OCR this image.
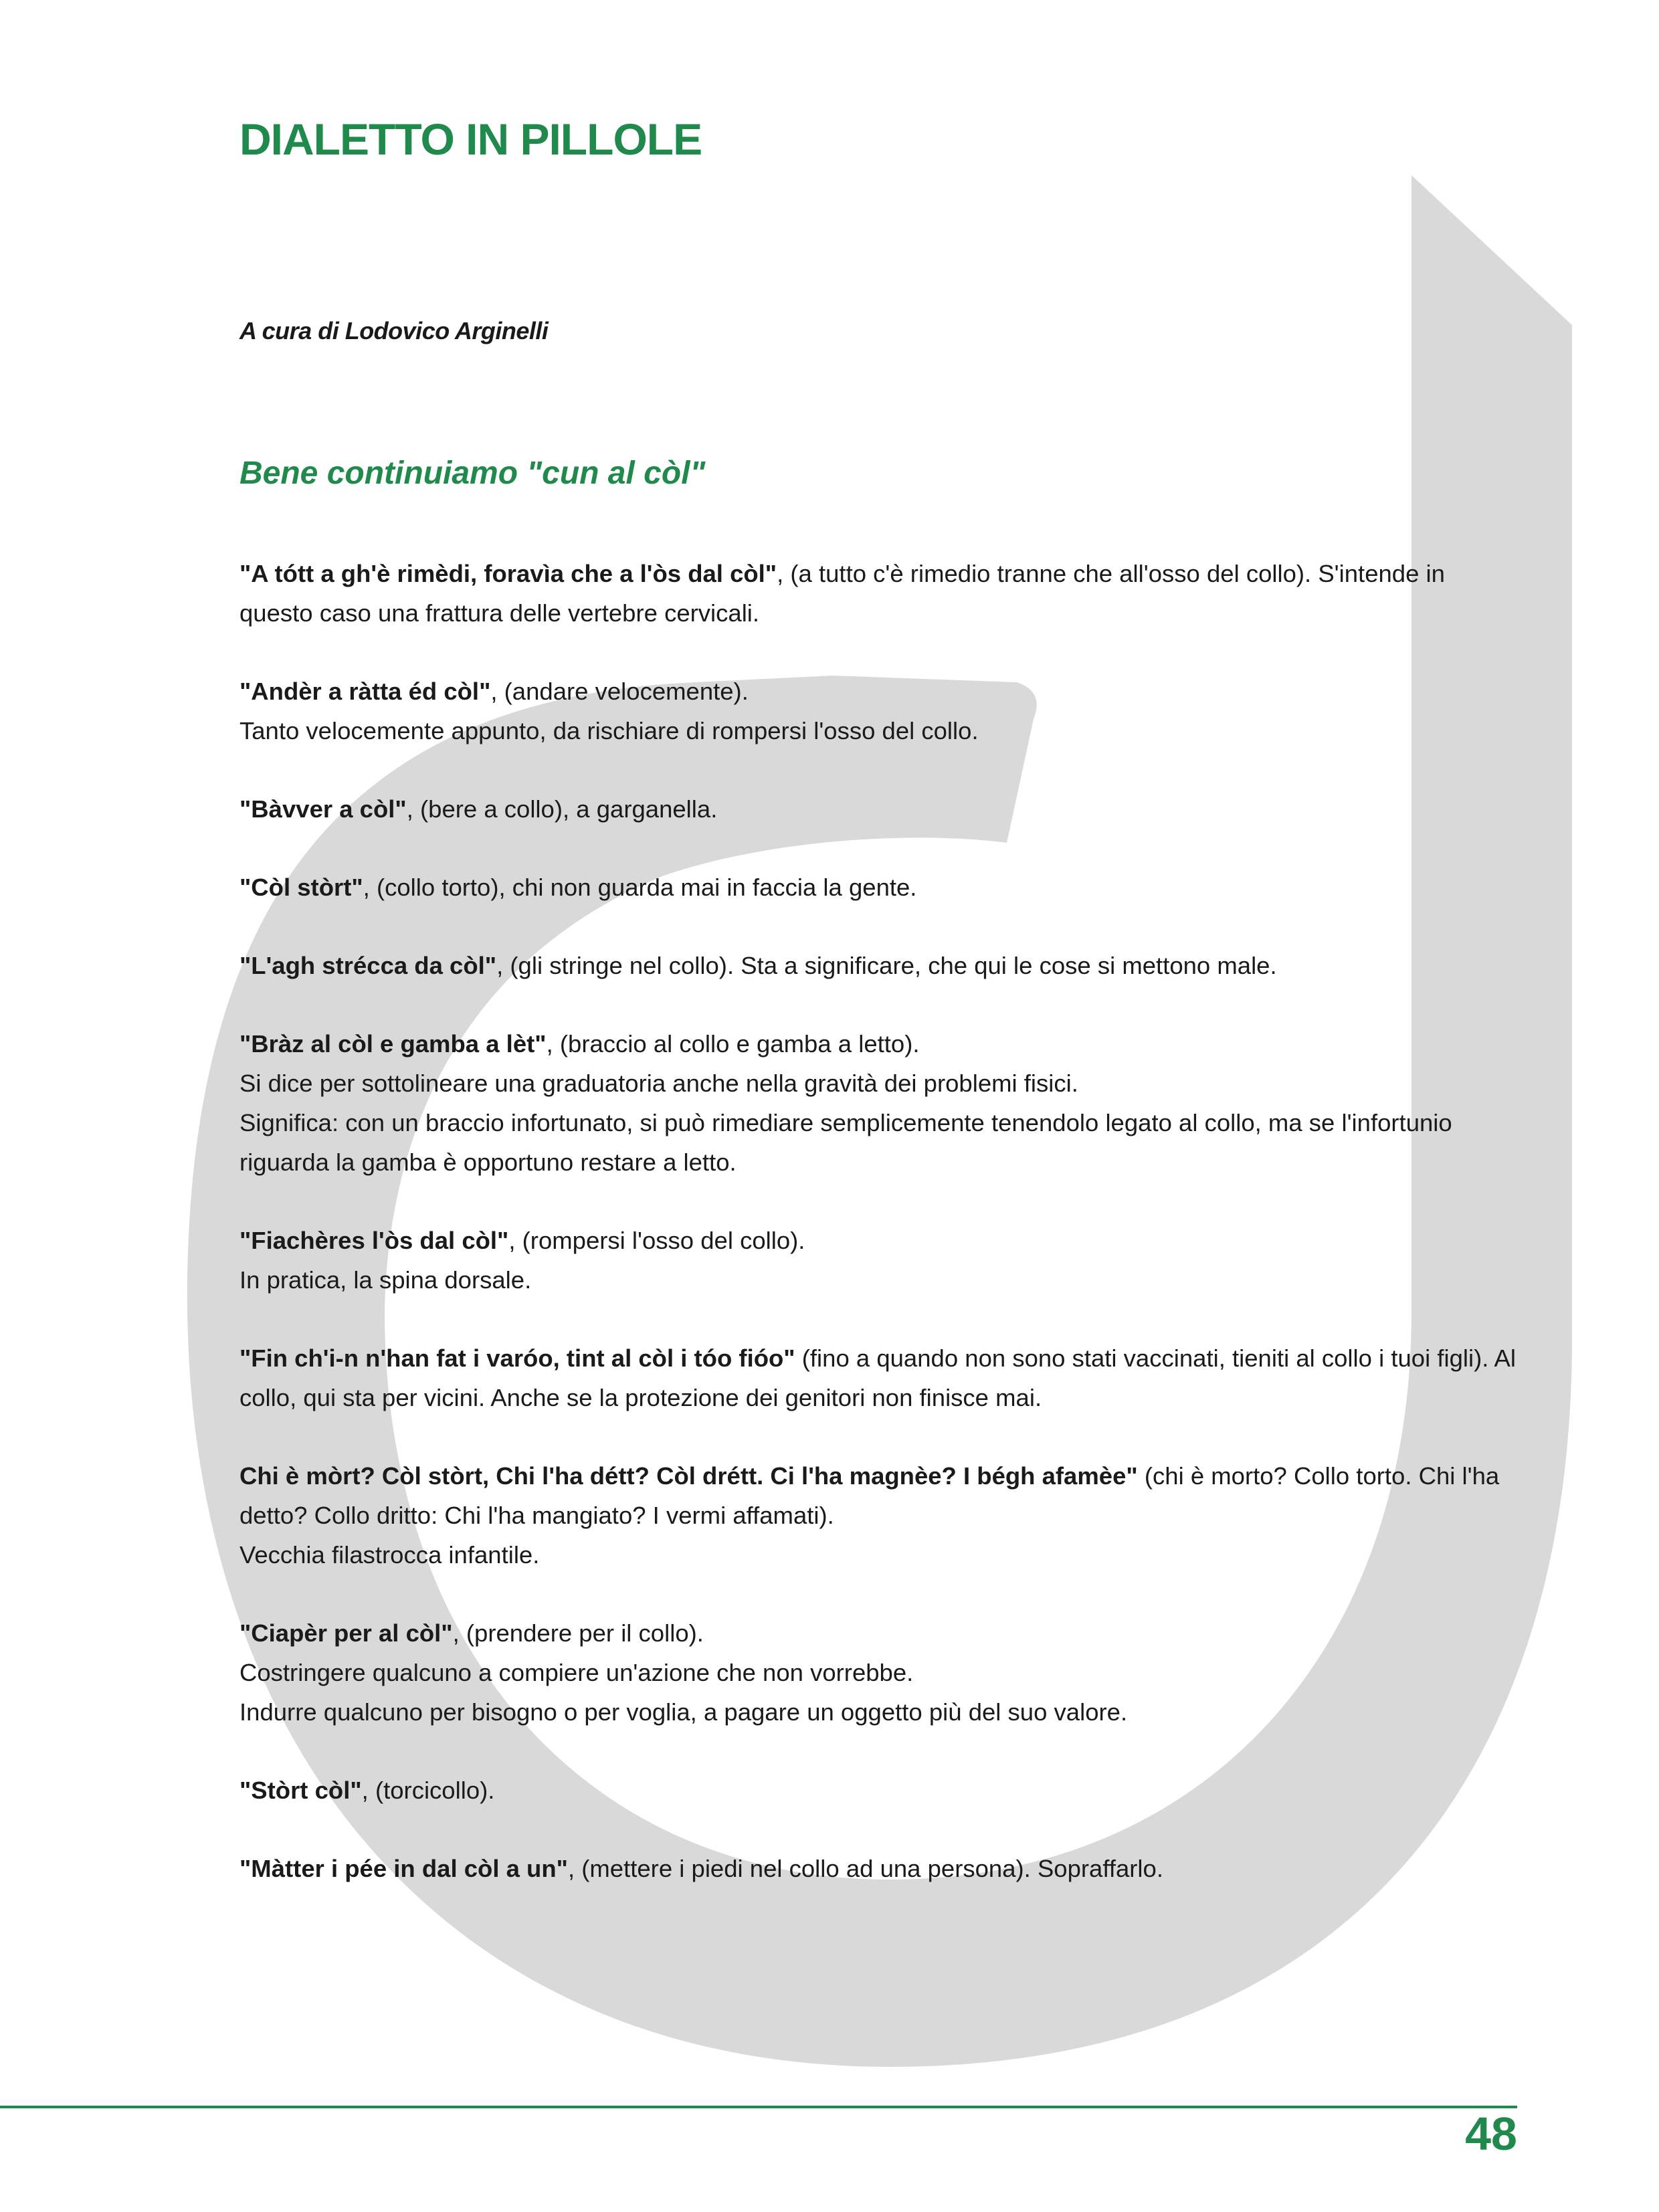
DIALETTO IN PILLOLE

A cura di Lodovico Arginelli

Bene continuiamo "cun al còl"

"A tótt a gh'è rimèdi, foravìa che a l'òs dal còl", (a tutto c'è rimedio tranne che all'osso del collo). S'intende in questo caso una frattura delle vertebre cervicali.

"Andèr a ràtta éd còl", (andare velocemente).

Tanto velocemente appunto, da rischiare di rompersi l'osso del collo.

"Bàvver a còl", (bere a collo), a garganella.

"Còl stòrt", (collo torto), chi non guarda mai in faccia la gente.

"L'agh strécca da còl", (gli stringe nel collo). Sta a significare, che qui le cose si mettono male.

"Bràz al còl e gamba a lèt", (braccio al collo e gamba a letto).

Si dice per sottolineare una graduatoria anche nella gravità dei problemi fisici.

Significa: con un braccio infortunato, si può rimediare semplicemente tenendolo legato al collo, ma se l'infortunio riguarda la gamba è opportuno restare a letto.

"Fiachères l'òs dal còl", (rompersi l'osso del collo).

In pratica, la spina dorsale.

"Fin ch'i-n n'han fat i varóo, tint al còl i tóo fióo" (fino a quando non sono stati vaccinati, tieniti al collo i tuoi figli). Al collo, qui sta per vicini. Anche se la protezione dei genitori non finisce mai.

Chi è mòrt? Còl stòrt, Chi l'ha détt? Còl drétt. Ci l'ha magnèe? I bégh afamèe" (chi è morto? Collo torto. Chi l'ha detto? Collo dritto: Chi l'ha mangiato? I vermi affamati).

Vecchia filastrocca infantile.

"Ciapèr per al còl", (prendere per il collo).

Costringere qualcuno a compiere un'azione che non vorrebbe.

Indurre qualcuno per bisogno o per voglia, a pagare un oggetto più del suo valore.

"Stòrt còl", (torcicollo).

"Màtter i pée in dal còl a un", (mettere i piedi nel collo ad una persona). Sopraffarlo.

48
